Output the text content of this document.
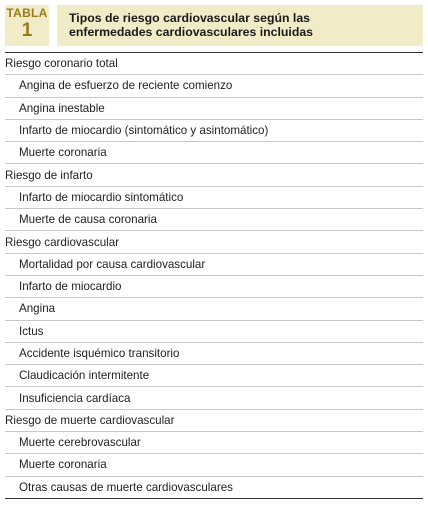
TABLA
1
Tipos de riesgo cardiovascular según las
enfermedades cardiovasculares incluidas
Riesgo coronario total
Angina de esfuerzo de reciente comienzo
Angina inestable
Infarto de miocardio (sintomático y asintomático)
Muerte coronaria
Riesgo de infarto
Infarto de miocardio sintomático
Muerte de causa coronaria
Riesgo cardiovascular
Mortalidad por causa cardiovascular
Infarto de miocardio
Angina
Ictus
Accidente isquémico transitorio
Claudicación intermitente
Insuficiencia cardíaca
Riesgo de muerte cardiovascular
Muerte cerebrovascular
Muerte coronaria
Otras causas de muerte cardiovasculares
